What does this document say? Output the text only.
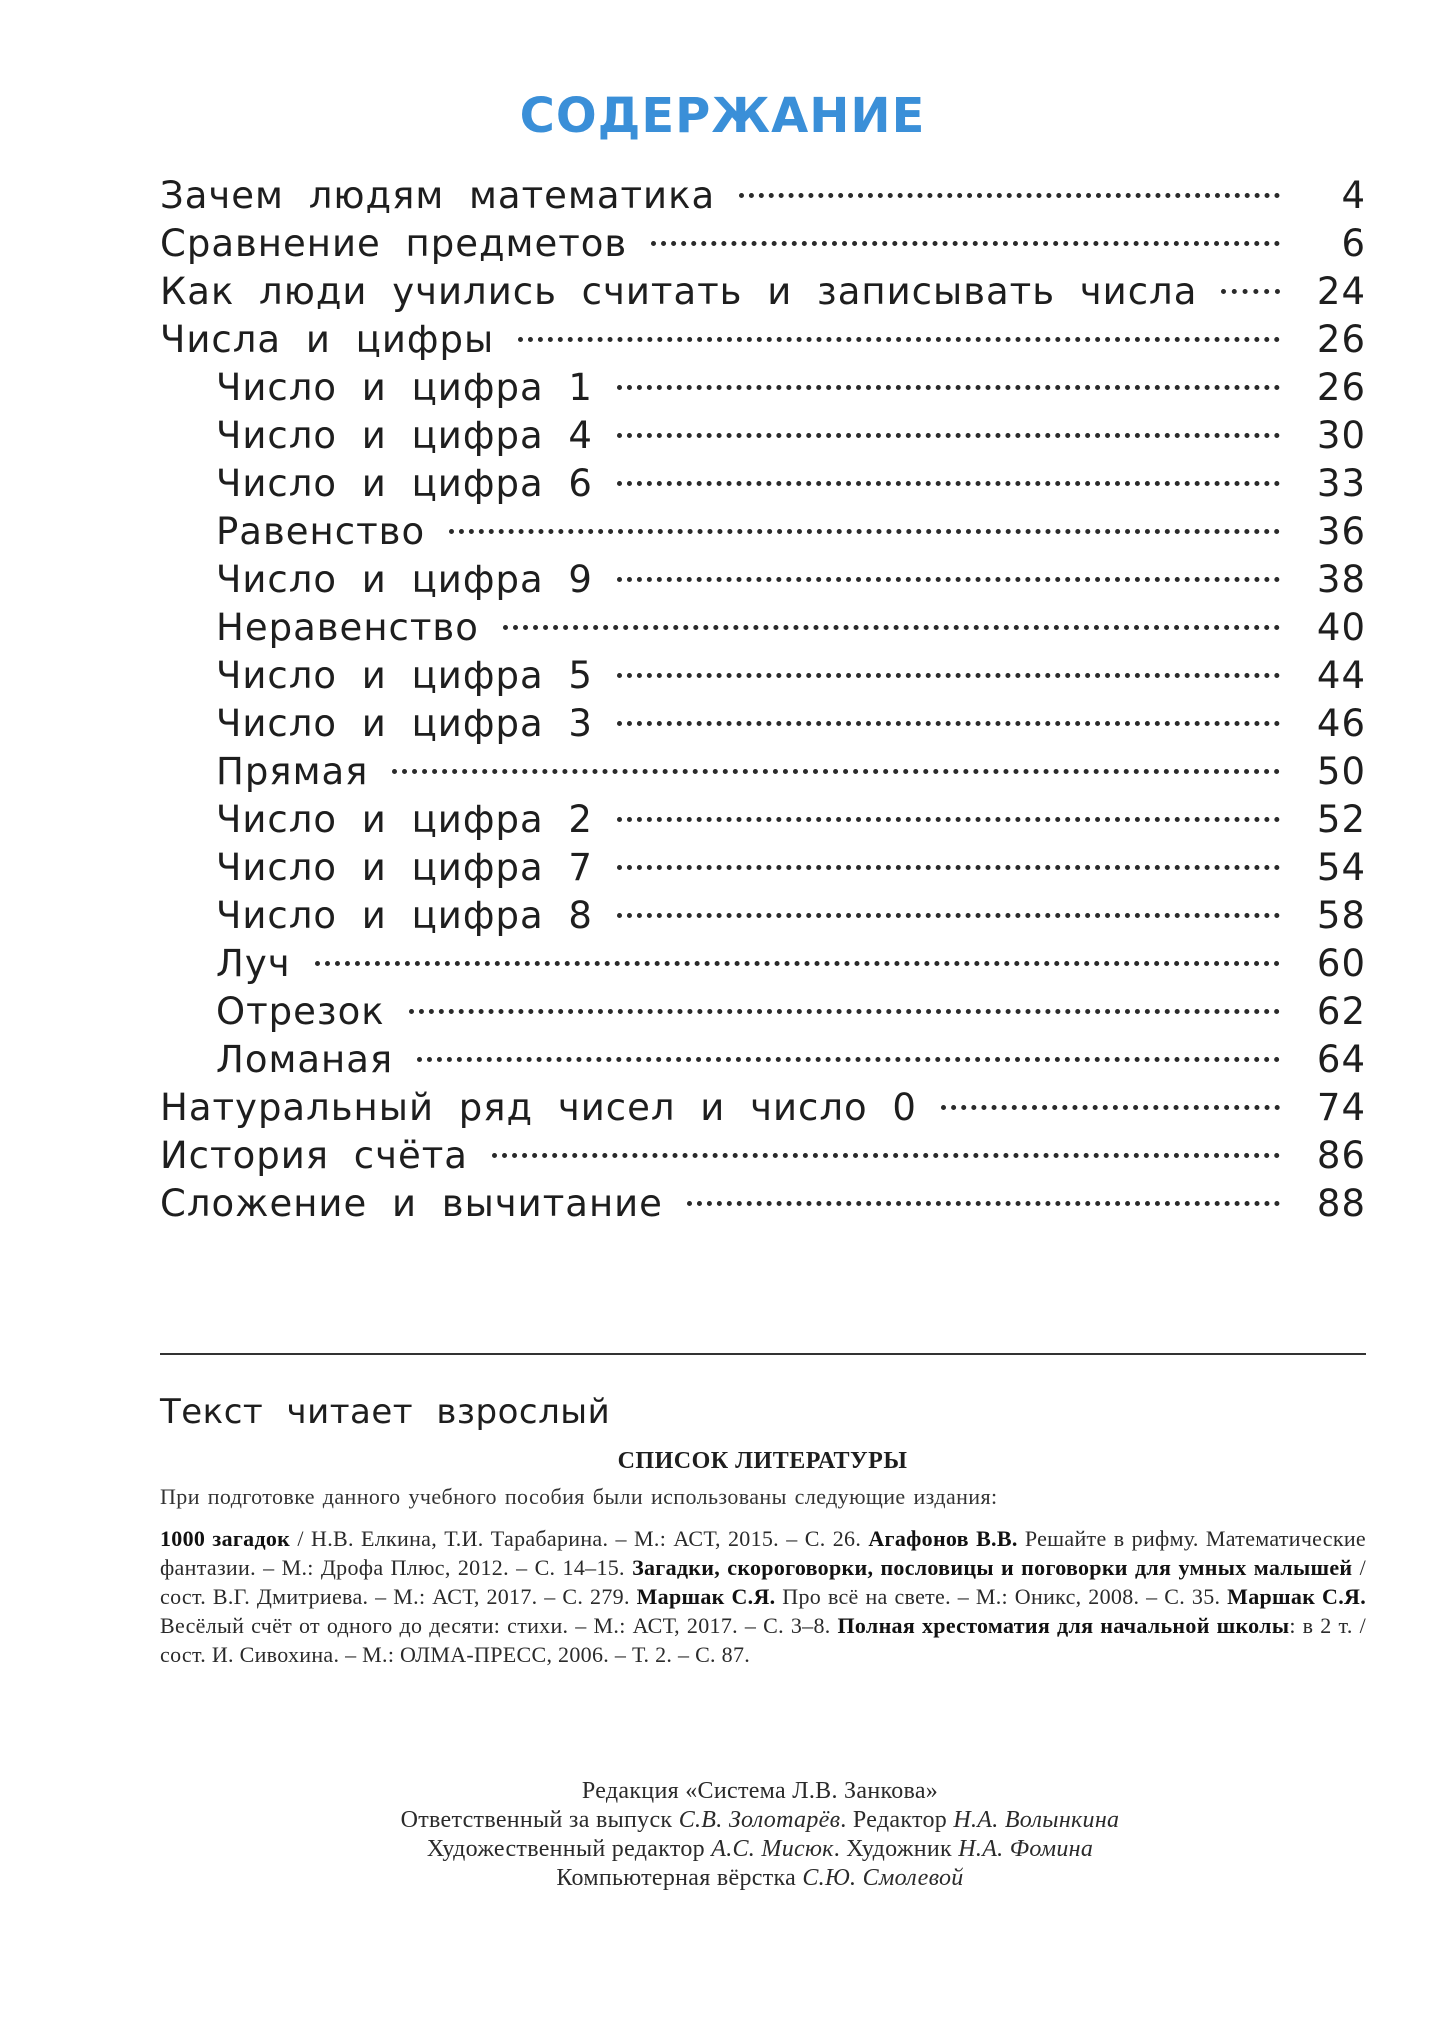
СОДЕРЖАНИЕ
Зачем людям математика	4
Сравнение предметов	6
Как люди учились считать и записывать числа	24
Числа и цифры	26
Число и цифра 1	26
Число и цифра 4	30
Число и цифра 6	33
Равенство	36
Число и цифра 9	38
Неравенство	40
Число и цифра 5	44
Число и цифра 3	46
Прямая	50
Число и цифра 2	52
Число и цифра 7	54
Число и цифра 8	58
Луч	60
Отрезок	62
Ломаная	64
Натуральный ряд чисел и число 0	74
История счёта	86
Сложение и вычитание	88
Текст читает взрослый
СПИСОК ЛИТЕРАТУРЫ
При подготовке данного учебного пособия были использованы следующие издания:
1000 загадок / Н.В. Елкина, Т.И. Тарабарина. – М.: АСТ, 2015. – С. 26. Агафонов В.В. Решайте в рифму. Математические фантазии. – М.: Дрофа Плюс, 2012. – С. 14–15. Загадки, скороговорки, пословицы и поговорки для умных малышей / сост. В.Г. Дмитриева. – М.: АСТ, 2017. – С. 279. Маршак С.Я. Про всё на свете. – М.: Оникс, 2008. – С. 35. Маршак С.Я. Весёлый счёт от одного до десяти: стихи. – М.: АСТ, 2017. – С. 3–8. Полная хрестоматия для начальной школы: в 2 т. / сост. И. Сивохина. – М.: ОЛМА-ПРЕСС, 2006. – Т. 2. – С. 87.
Редакция «Система Л.В. Занкова»
Ответственный за выпуск С.В. Золотарёв. Редактор Н.А. Волынкина
Художественный редактор А.С. Мисюк. Художник Н.А. Фомина
Компьютерная вёрстка С.Ю. Смолевой
